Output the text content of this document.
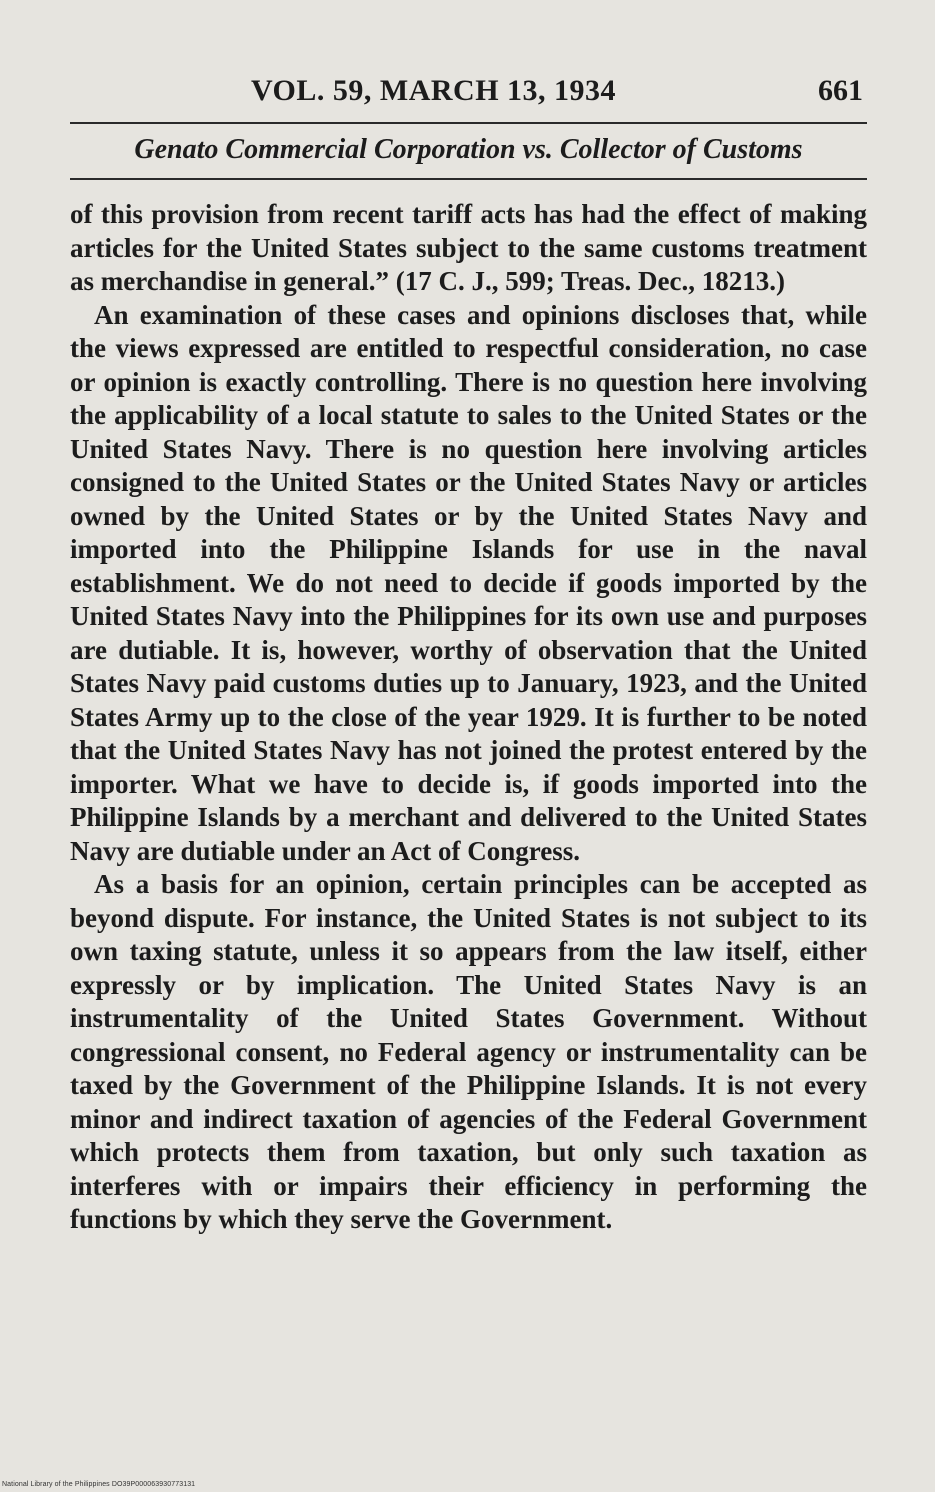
VOL. 59, MARCH 13, 1934	661
Genato Commercial Corporation vs. Collector of Customs

of this provision from recent tariff acts has had the effect of making articles for the United States subject to the same customs treatment as merchandise in general.” (17 C. J., 599; Treas. Dec., 18213.)

An examination of these cases and opinions discloses that, while the views expressed are entitled to respectful consideration, no case or opinion is exactly controlling. There is no question here involving the applicability of a local statute to sales to the United States or the United States Navy. There is no question here involving articles consigned to the United States or the United States Navy or articles owned by the United States or by the United States Navy and imported into the Philippine Islands for use in the naval establishment. We do not need to decide if goods imported by the United States Navy into the Philippines for its own use and purposes are dutiable. It is, however, worthy of observation that the United States Navy paid customs duties up to January, 1923, and the United States Army up to the close of the year 1929. It is further to be noted that the United States Navy has not joined the protest entered by the importer. What we have to decide is, if goods imported into the Philippine Islands by a merchant and delivered to the United States Navy are dutiable under an Act of Congress.

As a basis for an opinion, certain principles can be accepted as beyond dispute. For instance, the United States is not subject to its own taxing statute, unless it so appears from the law itself, either expressly or by implication. The United States Navy is an instrumentality of the United States Government. Without congressional consent, no Federal agency or instrumentality can be taxed by the Government of the Philippine Islands. It is not every minor and indirect taxation of agencies of the Federal Government which protects them from taxation, but only such taxation as interferes with or impairs their efficiency in performing the functions by which they serve the Government.

National Library of the Philippines DO39P000063930773131
